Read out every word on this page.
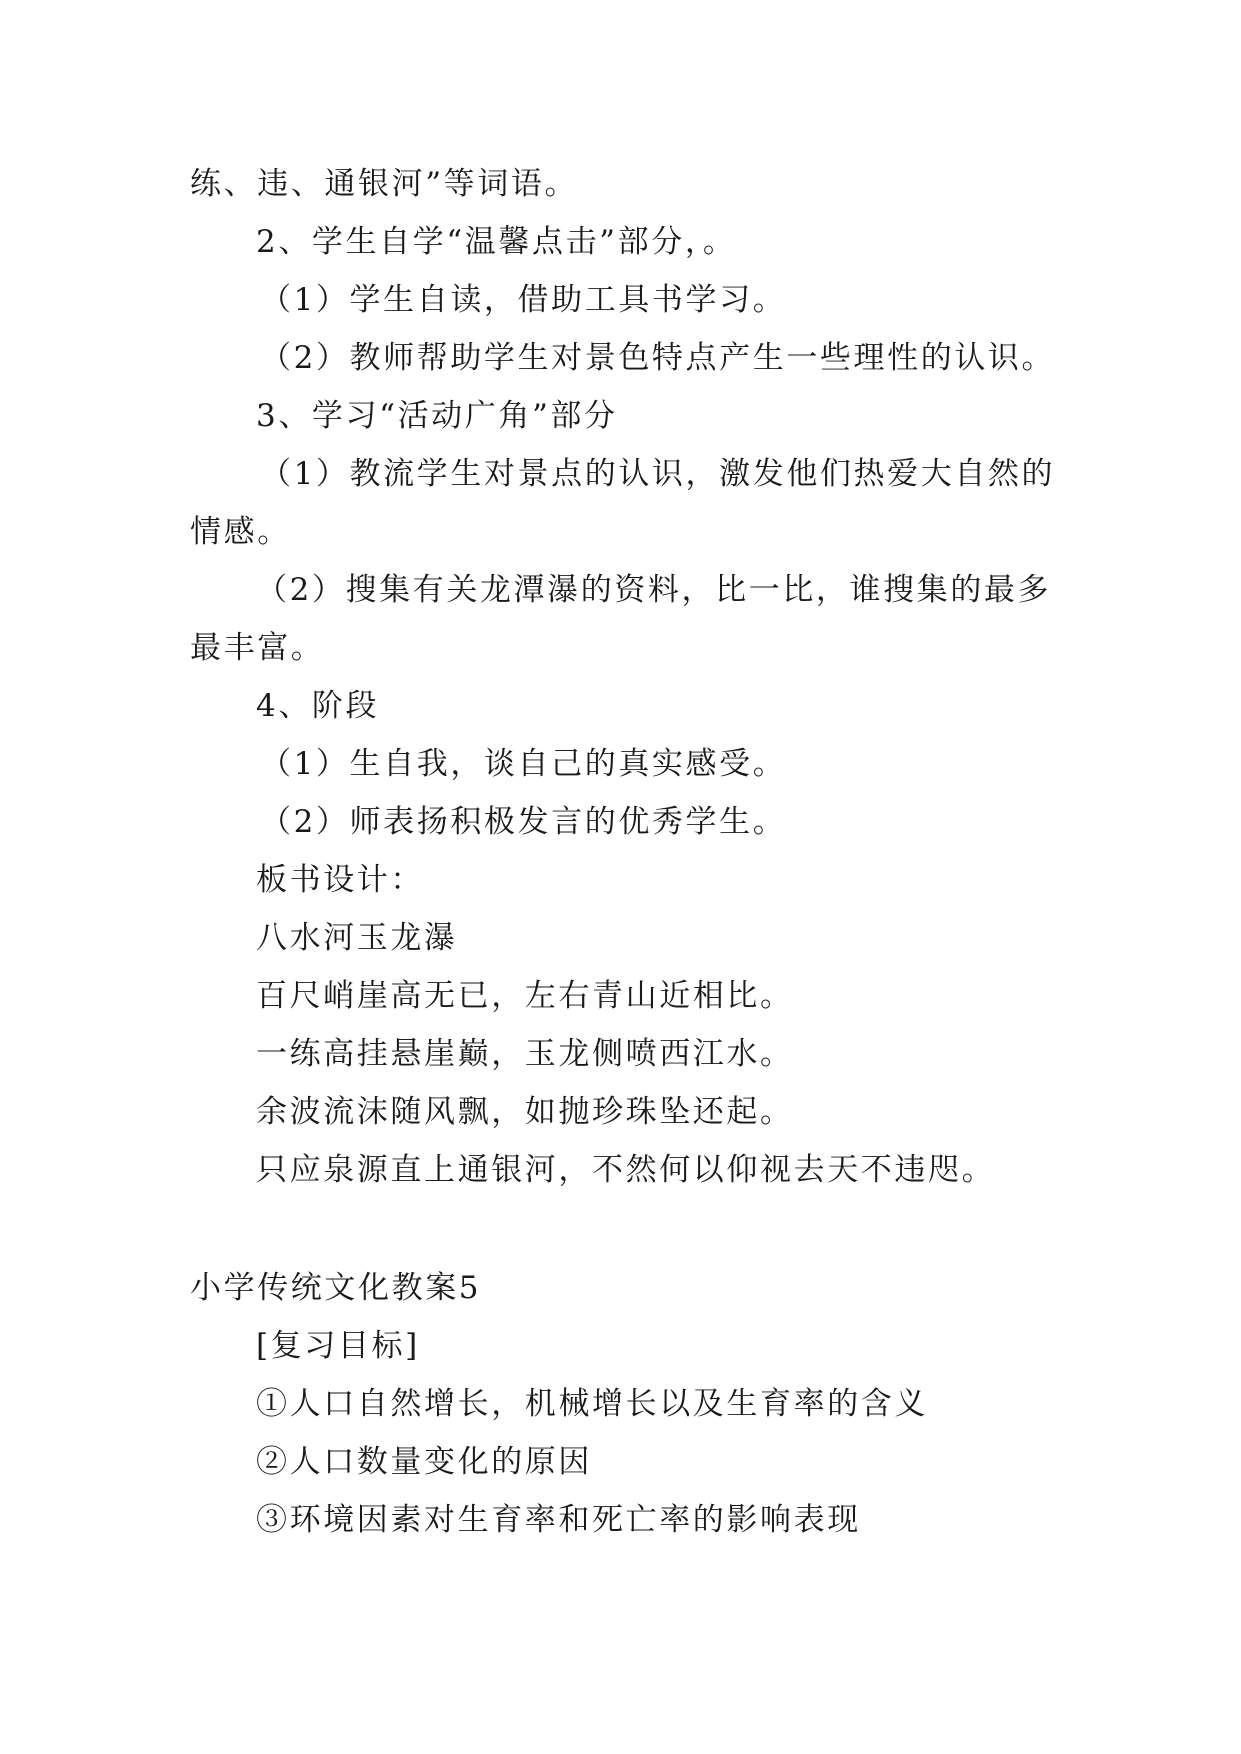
练、违、通银河”等词语。
2、学生自学“温馨点击”部分，。
（1）学生自读，借助工具书学习。
（2）教师帮助学生对景色特点产生一些理性的认识。
3、学习“活动广角”部分
（1）教流学生对景点的认识，激发他们热爱大自然的
情感。
（2）搜集有关龙潭瀑的资料，比一比，谁搜集的最多
最丰富。
4、阶段
（1）生自我，谈自己的真实感受。
（2）师表扬积极发言的优秀学生。
板书设计：
八水河玉龙瀑
百尺峭崖高无已，左右青山近相比。
一练高挂悬崖巅，玉龙侧喷西江水。
余波流沫随风飘，如抛珍珠坠还起。
只应泉源直上通银河，不然何以仰视去天不违咫。
小学传统文化教案5
[复习目标]
①人口自然增长，机械增长以及生育率的含义
②人口数量变化的原因
③环境因素对生育率和死亡率的影响表现
